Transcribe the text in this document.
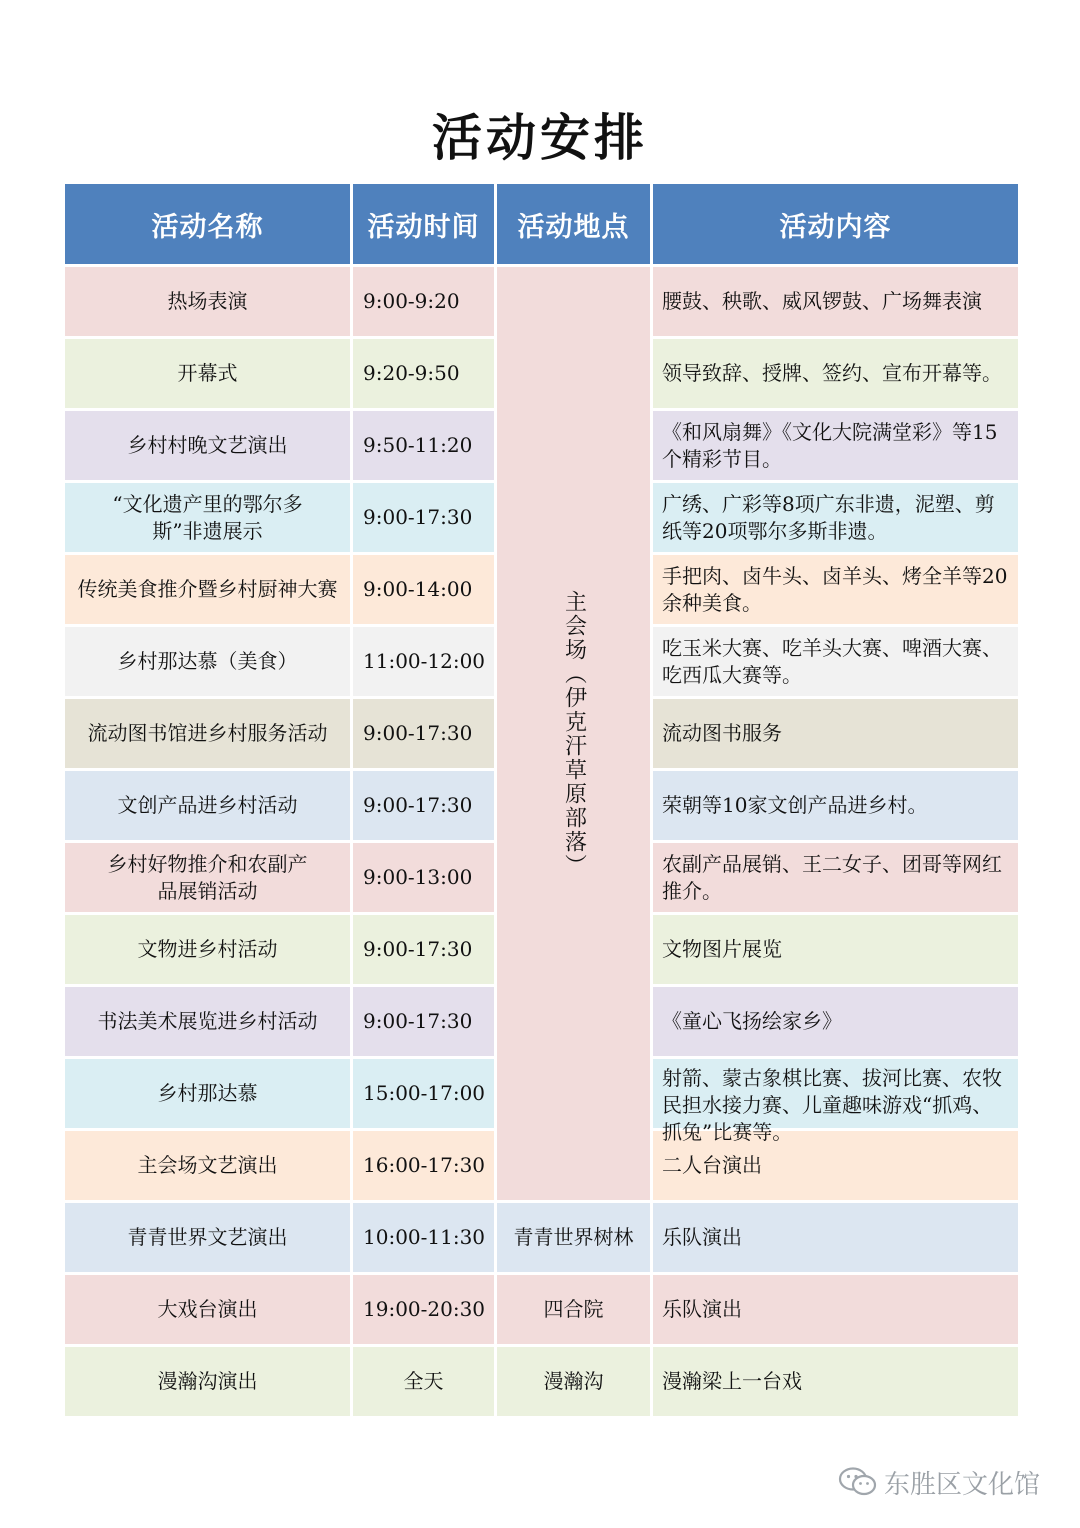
活动安排
活动名称	活动时间	活动地点	活动内容
热场表演	9:00-9:20	主会场（伊克汗草原部落）	腰鼓、秧歌、威风锣鼓、广场舞表演

开幕式	9:20-9:50		领导致辞、授牌、签约、宣布开幕等。

乡村村晚文艺演出	9:50-11:20		《和风扇舞》《文化大院满堂彩》等15个精彩节目。

“文化遗产里的鄂尔多斯”非遗展示	9:00-17:30		广绣、广彩等8项广东非遗，泥塑、剪纸等20项鄂尔多斯非遗。

传统美食推介暨乡村厨神大赛	9:00-14:00		手把肉、卤牛头、卤羊头、烤全羊等20余种美食。

乡村那达慕（美食）	11:00-12:00		吃玉米大赛、吃羊头大赛、啤酒大赛、吃西瓜大赛等。

流动图书馆进乡村服务活动	9:00-17:30		流动图书服务

文创产品进乡村活动	9:00-17:30		荣朝等10家文创产品进乡村。

乡村好物推介和农副产品展销活动	9:00-13:00		农副产品展销、王二女子、团哥等网红推介。

文物进乡村活动	9:00-17:30		文物图片展览

书法美术展览进乡村活动	9:00-17:30		《童心飞扬绘家乡》

乡村那达慕	15:00-17:00		射箭、蒙古象棋比赛、拔河比赛、农牧民担水接力赛、儿童趣味游戏“抓鸡、抓兔”比赛等。

主会场文艺演出	16:00-17:30		二人台演出

青青世界文艺演出	10:00-11:30	青青世界树林	乐队演出

大戏台演出	19:00-20:30	四合院	乐队演出

漫瀚沟演出	全天	漫瀚沟	漫瀚梁上一台戏
东胜区文化馆
